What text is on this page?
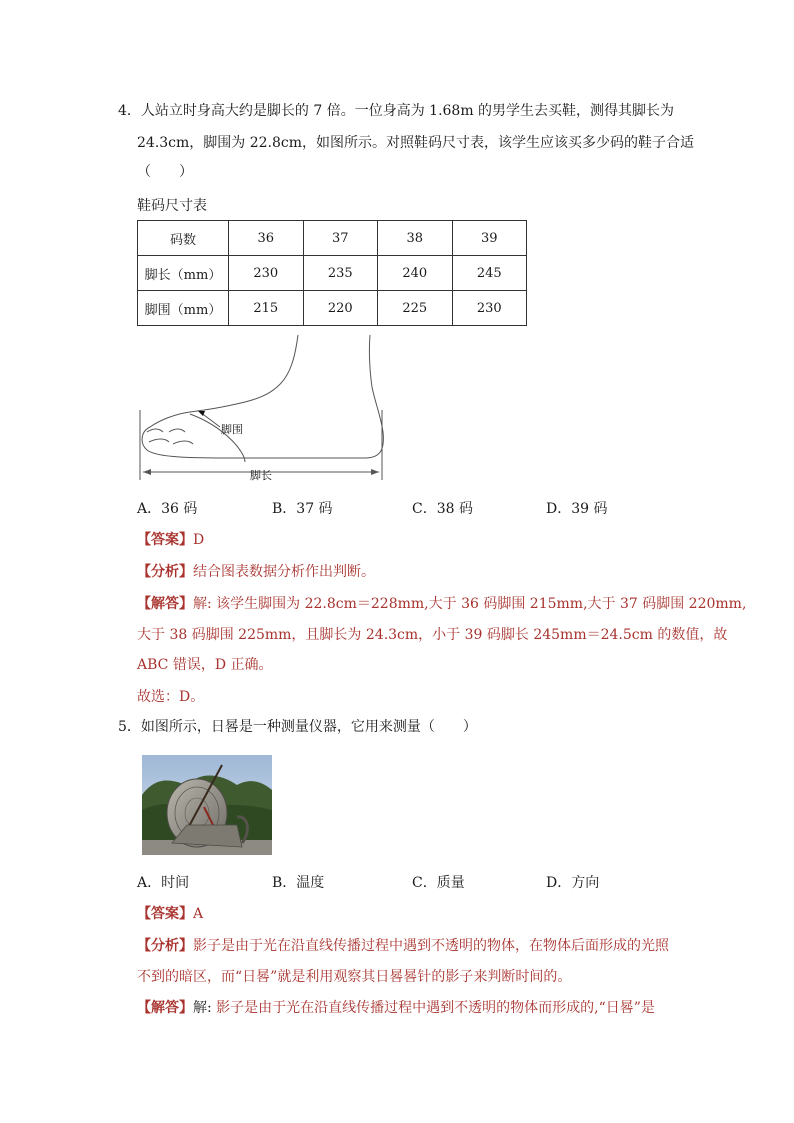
4．人站立时身高大约是脚长的 7 倍。一位身高为 1.68m 的男学生去买鞋，测得其脚长为
24.3cm，脚围为 22.8cm，如图所示。对照鞋码尺寸表，该学生应该买多少码的鞋子合适
（　　）
鞋码尺寸表
码数	36	37	38	39
脚长（mm）	230	235	240	245
脚围（mm）	215	220	225	230
脚围
脚长
A．36 码	B．37 码	C．38 码	D．39 码
【答案】D
【分析】结合图表数据分析作出判断。
【解答】解: 该学生脚围为 22.8cm＝228mm,大于 36 码脚围 215mm,大于 37 码脚围 220mm,
大于 38 码脚围 225mm，且脚长为 24.3cm，小于 39 码脚长 245mm＝24.5cm 的数值，故
ABC 错误，D 正确。
故选：D。
5．如图所示，日晷是一种测量仪器，它用来测量（　　）
A．时间	B．温度	C．质量	D．方向
【答案】A
【分析】影子是由于光在沿直线传播过程中遇到不透明的物体，在物体后面形成的光照
不到的暗区，而“日晷”就是利用观察其日晷晷针的影子来判断时间的。
【解答】解: 影子是由于光在沿直线传播过程中遇到不透明的物体而形成的,“日晷”是
